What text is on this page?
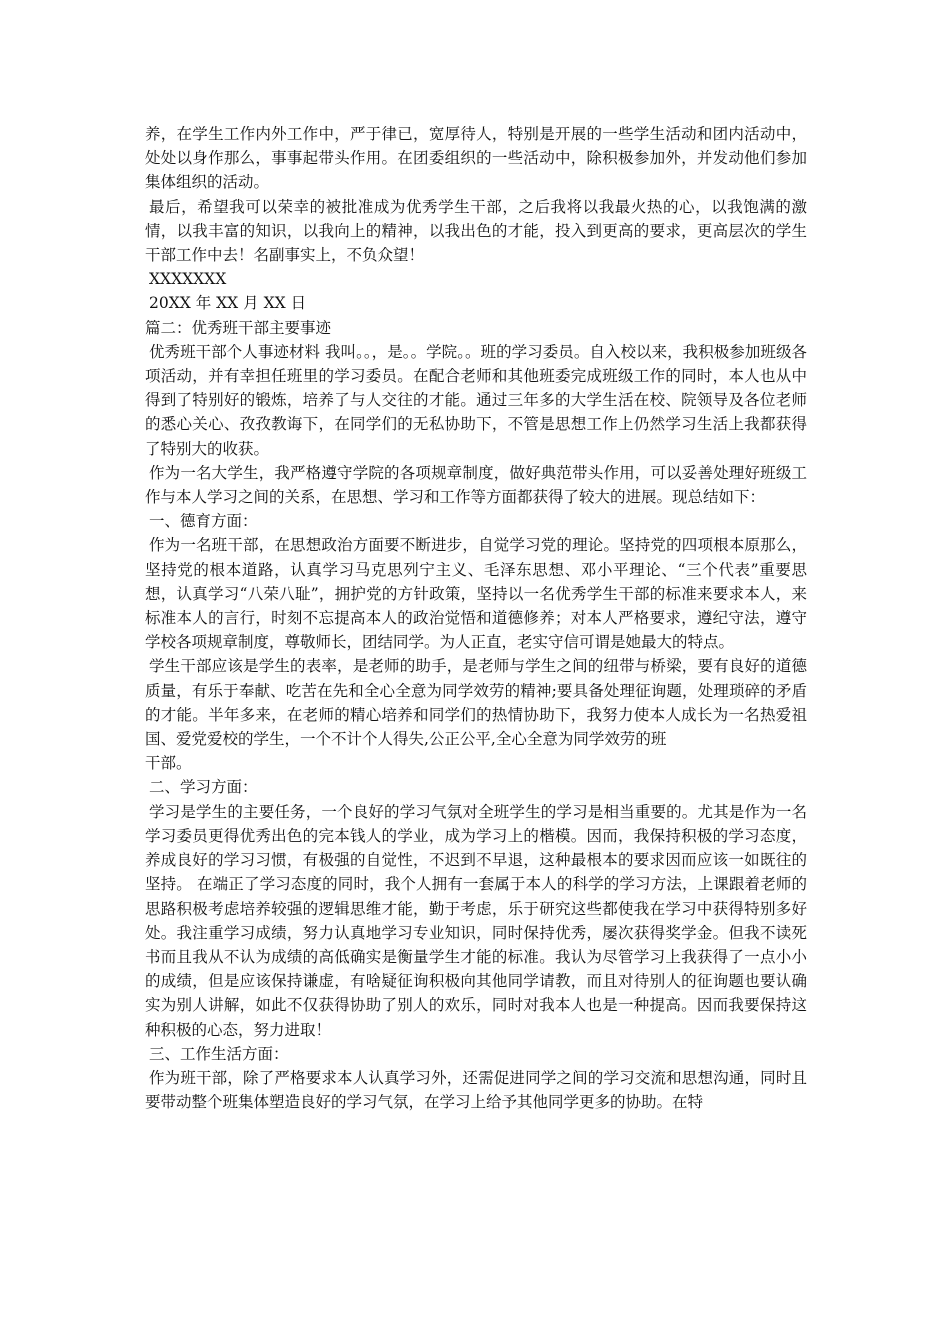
养，在学生工作内外工作中，严于律已，宽厚待人，特别是开展的一些学生活动和团内活动中，处处以身作那么，事事起带头作用。在团委组织的一些活动中，除积极参加外，并发动他们参加集体组织的活动。

最后，希望我可以荣幸的被批准成为优秀学生干部，之后我将以我最火热的心，以我饱满的激情，以我丰富的知识，以我向上的精神，以我出色的才能，投入到更高的要求，更高层次的学生干部工作中去！名副事实上，不负众望！

XXXXXXX

20XX 年 XX 月 XX 日

篇二：优秀班干部主要事迹

优秀班干部个人事迹材料 我叫。。，是。。学院。。班的学习委员。自入校以来，我积极参加班级各项活动，并有幸担任班里的学习委员。在配合老师和其他班委完成班级工作的同时，本人也从中得到了特别好的锻炼，培养了与人交往的才能。通过三年多的大学生活在校、院领导及各位老师的悉心关心、孜孜教诲下，在同学们的无私协助下，不管是思想工作上仍然学习生活上我都获得了特别大的收获。

作为一名大学生，我严格遵守学院的各项规章制度，做好典范带头作用，可以妥善处理好班级工作与本人学习之间的关系，在思想、学习和工作等方面都获得了较大的进展。现总结如下：

一、德育方面：

作为一名班干部，在思想政治方面要不断进步，自觉学习党的理论。坚持党的四项根本原那么，坚持党的根本道路，认真学习马克思列宁主义、毛泽东思想、邓小平理论、“三个代表”重要思想，认真学习“八荣八耻”，拥护党的方针政策，坚持以一名优秀学生干部的标准来要求本人，来标准本人的言行，时刻不忘提高本人的政治觉悟和道德修养；对本人严格要求，遵纪守法，遵守学校各项规章制度，尊敬师长，团结同学。为人正直，老实守信可谓是她最大的特点。

学生干部应该是学生的表率，是老师的助手，是老师与学生之间的纽带与桥梁，要有良好的道德质量，有乐于奉献、吃苦在先和全心全意为同学效劳的精神;要具备处理征询题，处理琐碎的矛盾的才能。半年多来，在老师的精心培养和同学们的热情协助下，我努力使本人成长为一名热爱祖国、爱党爱校的学生，一个不计个人得失,公正公平,全心全意为同学效劳的班

干部。

二、学习方面：

学习是学生的主要任务，一个良好的学习气氛对全班学生的学习是相当重要的。尤其是作为一名学习委员更得优秀出色的完本钱人的学业，成为学习上的楷模。因而，我保持积极的学习态度，养成良好的学习习惯，有极强的自觉性，不迟到不早退，这种最根本的要求因而应该一如既往的坚持。 在端正了学习态度的同时，我个人拥有一套属于本人的科学的学习方法，上课跟着老师的思路积极考虑培养较强的逻辑思维才能，勤于考虑，乐于研究这些都使我在学习中获得特别多好处。我注重学习成绩，努力认真地学习专业知识，同时保持优秀，屡次获得奖学金。但我不读死书而且我从不认为成绩的高低确实是衡量学生才能的标准。我认为尽管学习上我获得了一点小小的成绩，但是应该保持谦虚，有啥疑征询积极向其他同学请教，而且对待别人的征询题也要认确实为别人讲解，如此不仅获得协助了别人的欢乐，同时对我本人也是一种提高。因而我要保持这种积极的心态，努力进取！

三、工作生活方面：

作为班干部，除了严格要求本人认真学习外，还需促进同学之间的学习交流和思想沟通，同时且要带动整个班集体塑造良好的学习气氛，在学习上给予其他同学更多的协助。在特
